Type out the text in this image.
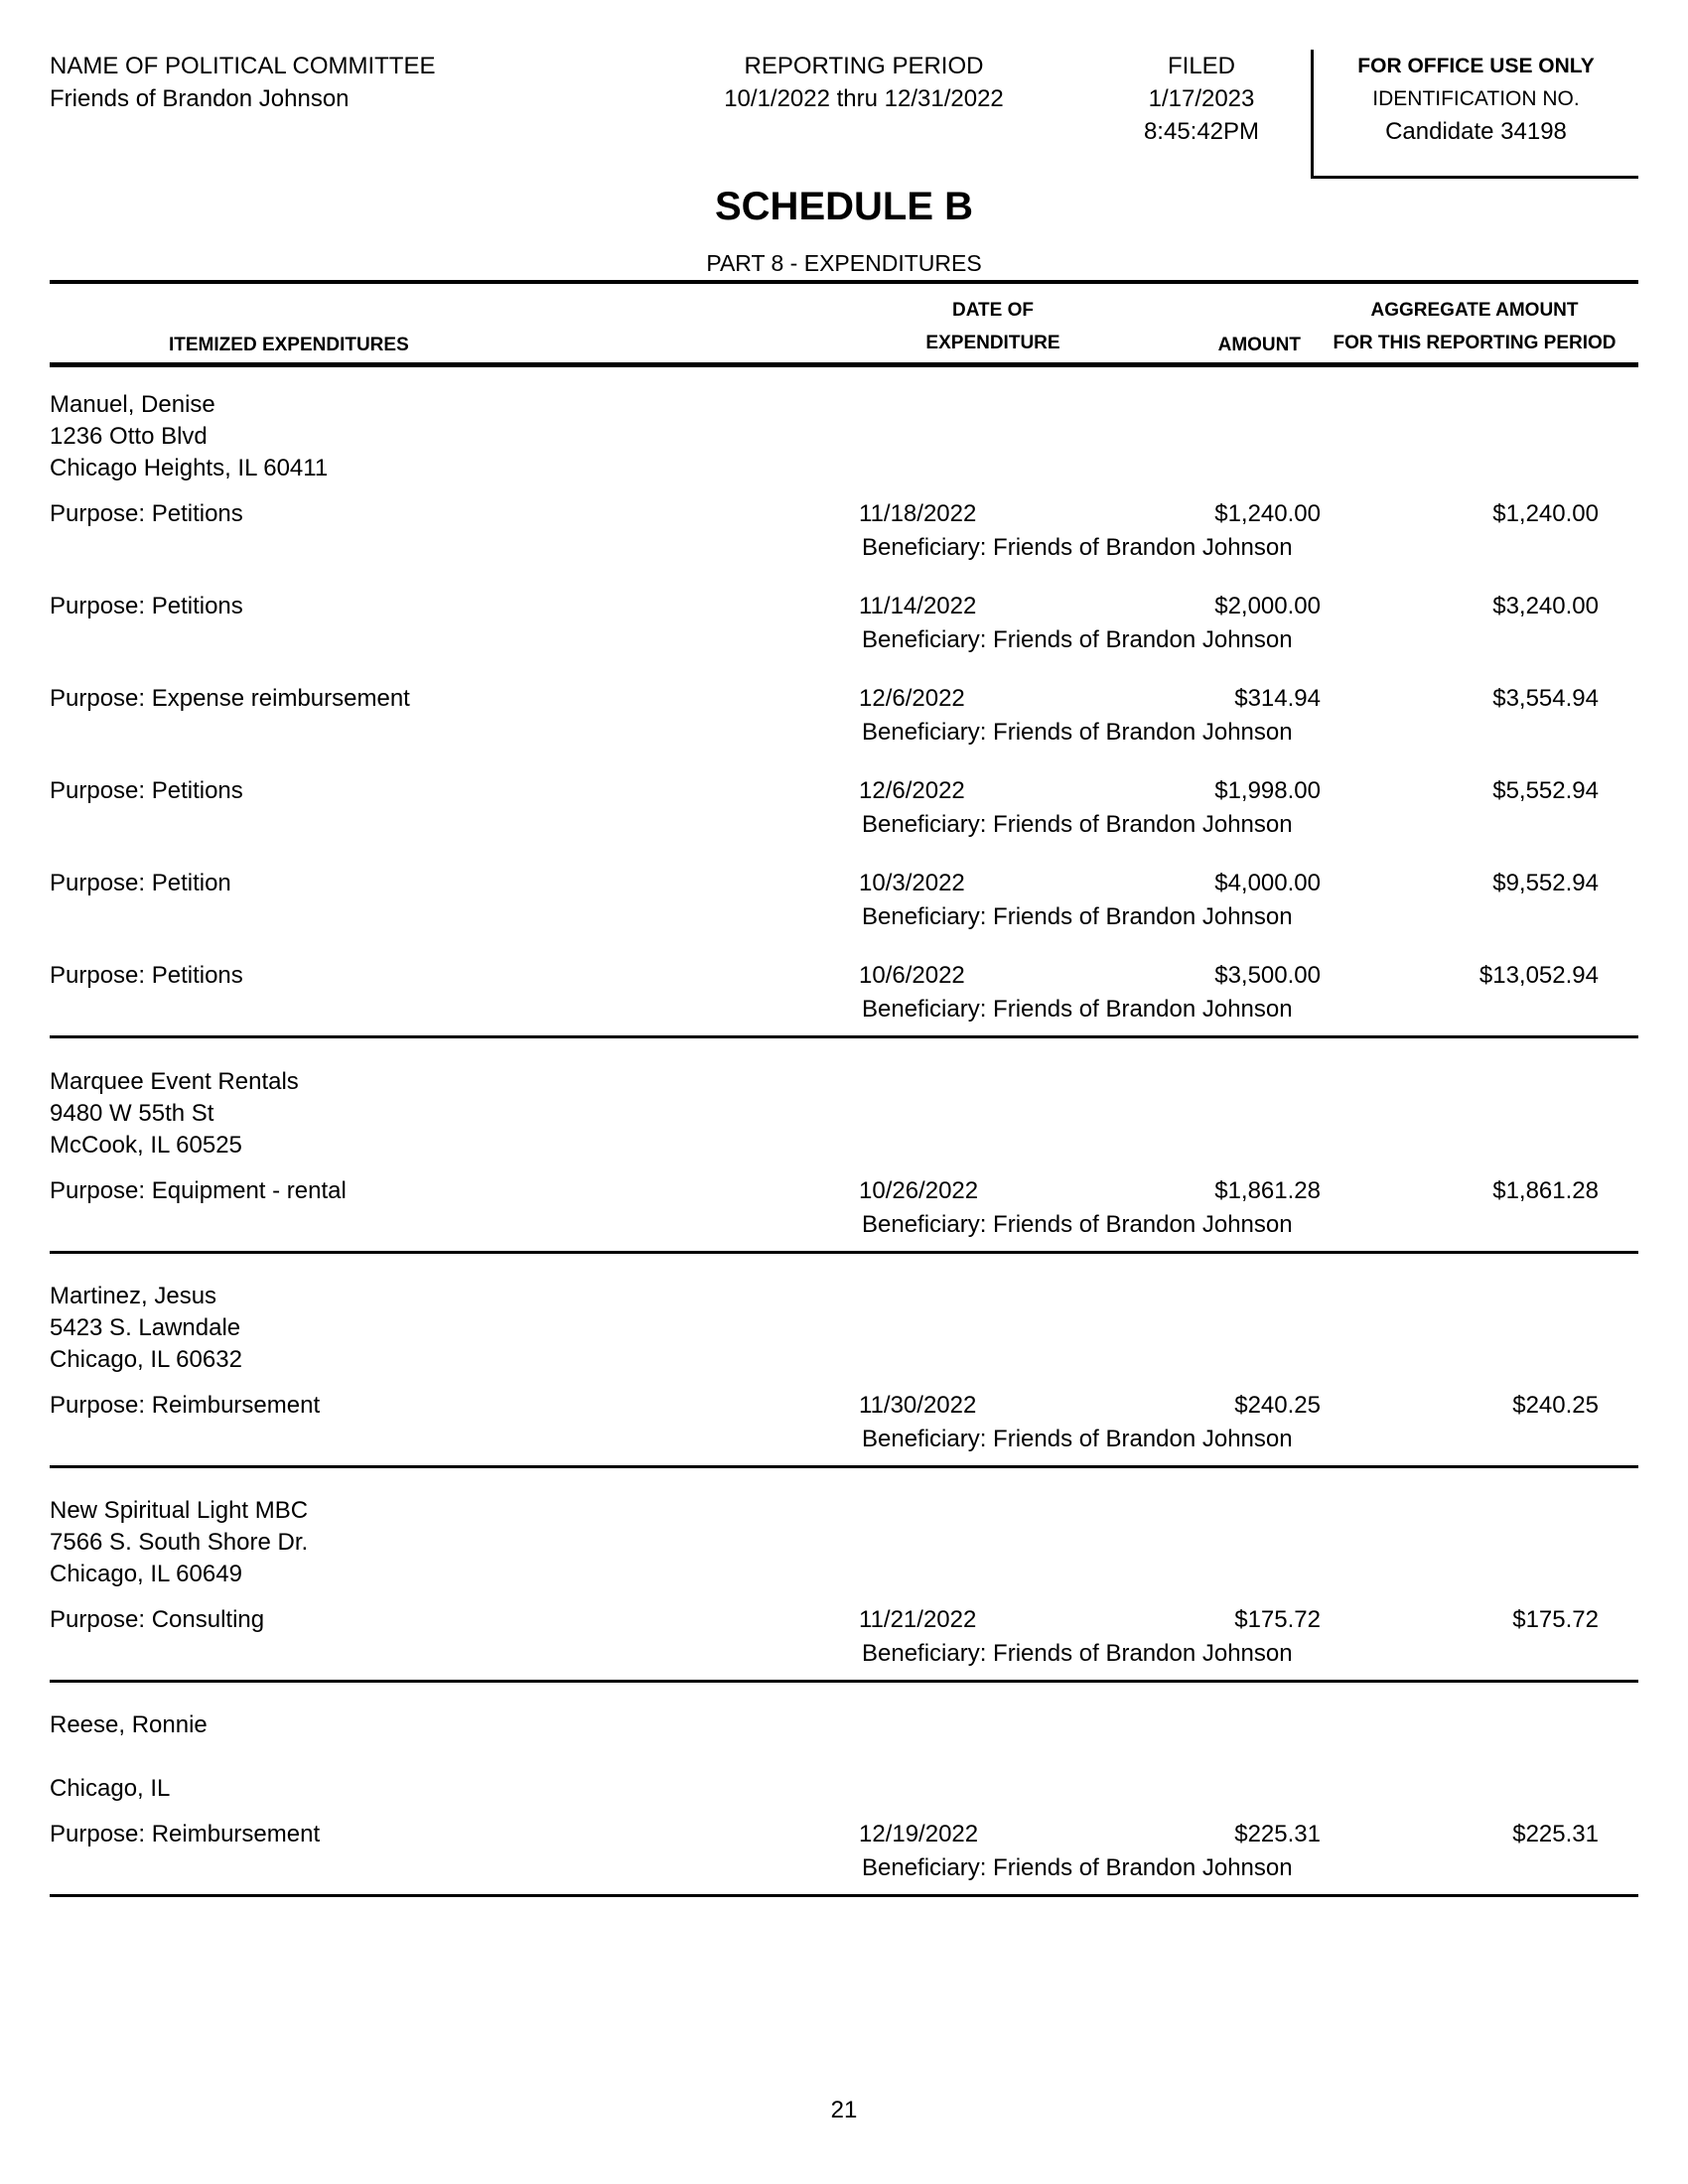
NAME OF POLITICAL COMMITTEE
Friends of Brandon Johnson
REPORTING PERIOD
10/1/2022 thru 12/31/2022
FILED
1/17/2023
8:45:42PM
FOR OFFICE USE ONLY
IDENTIFICATION NO.
Candidate 34198
SCHEDULE B
PART 8 - EXPENDITURES
ITEMIZED EXPENDITURES
DATE OF
EXPENDITURE	AMOUNT
AGGREGATE AMOUNT
FOR THIS REPORTING PERIOD
Manuel, Denise
1236 Otto Blvd
Chicago Heights, IL 60411
Purpose: Petitions	11/18/2022	$1,240.00	$1,240.00
Beneficiary: Friends of Brandon Johnson
Purpose: Petitions	11/14/2022	$2,000.00	$3,240.00
Beneficiary: Friends of Brandon Johnson
Purpose: Expense reimbursement	12/6/2022	$314.94	$3,554.94
Beneficiary: Friends of Brandon Johnson
Purpose: Petitions	12/6/2022	$1,998.00	$5,552.94
Beneficiary: Friends of Brandon Johnson
Purpose: Petition	10/3/2022	$4,000.00	$9,552.94
Beneficiary: Friends of Brandon Johnson
Purpose: Petitions	10/6/2022	$3,500.00	$13,052.94
Beneficiary: Friends of Brandon Johnson
Marquee Event Rentals
9480 W 55th St
McCook, IL 60525
Purpose: Equipment - rental	10/26/2022	$1,861.28	$1,861.28
Beneficiary: Friends of Brandon Johnson
Martinez, Jesus
5423 S. Lawndale
Chicago, IL 60632
Purpose: Reimbursement	11/30/2022	$240.25	$240.25
Beneficiary: Friends of Brandon Johnson
New Spiritual Light MBC
7566 S. South Shore Dr.
Chicago, IL 60649
Purpose: Consulting	11/21/2022	$175.72	$175.72
Beneficiary: Friends of Brandon Johnson
Reese, Ronnie
Chicago, IL
Purpose: Reimbursement	12/19/2022	$225.31	$225.31
Beneficiary: Friends of Brandon Johnson
21
